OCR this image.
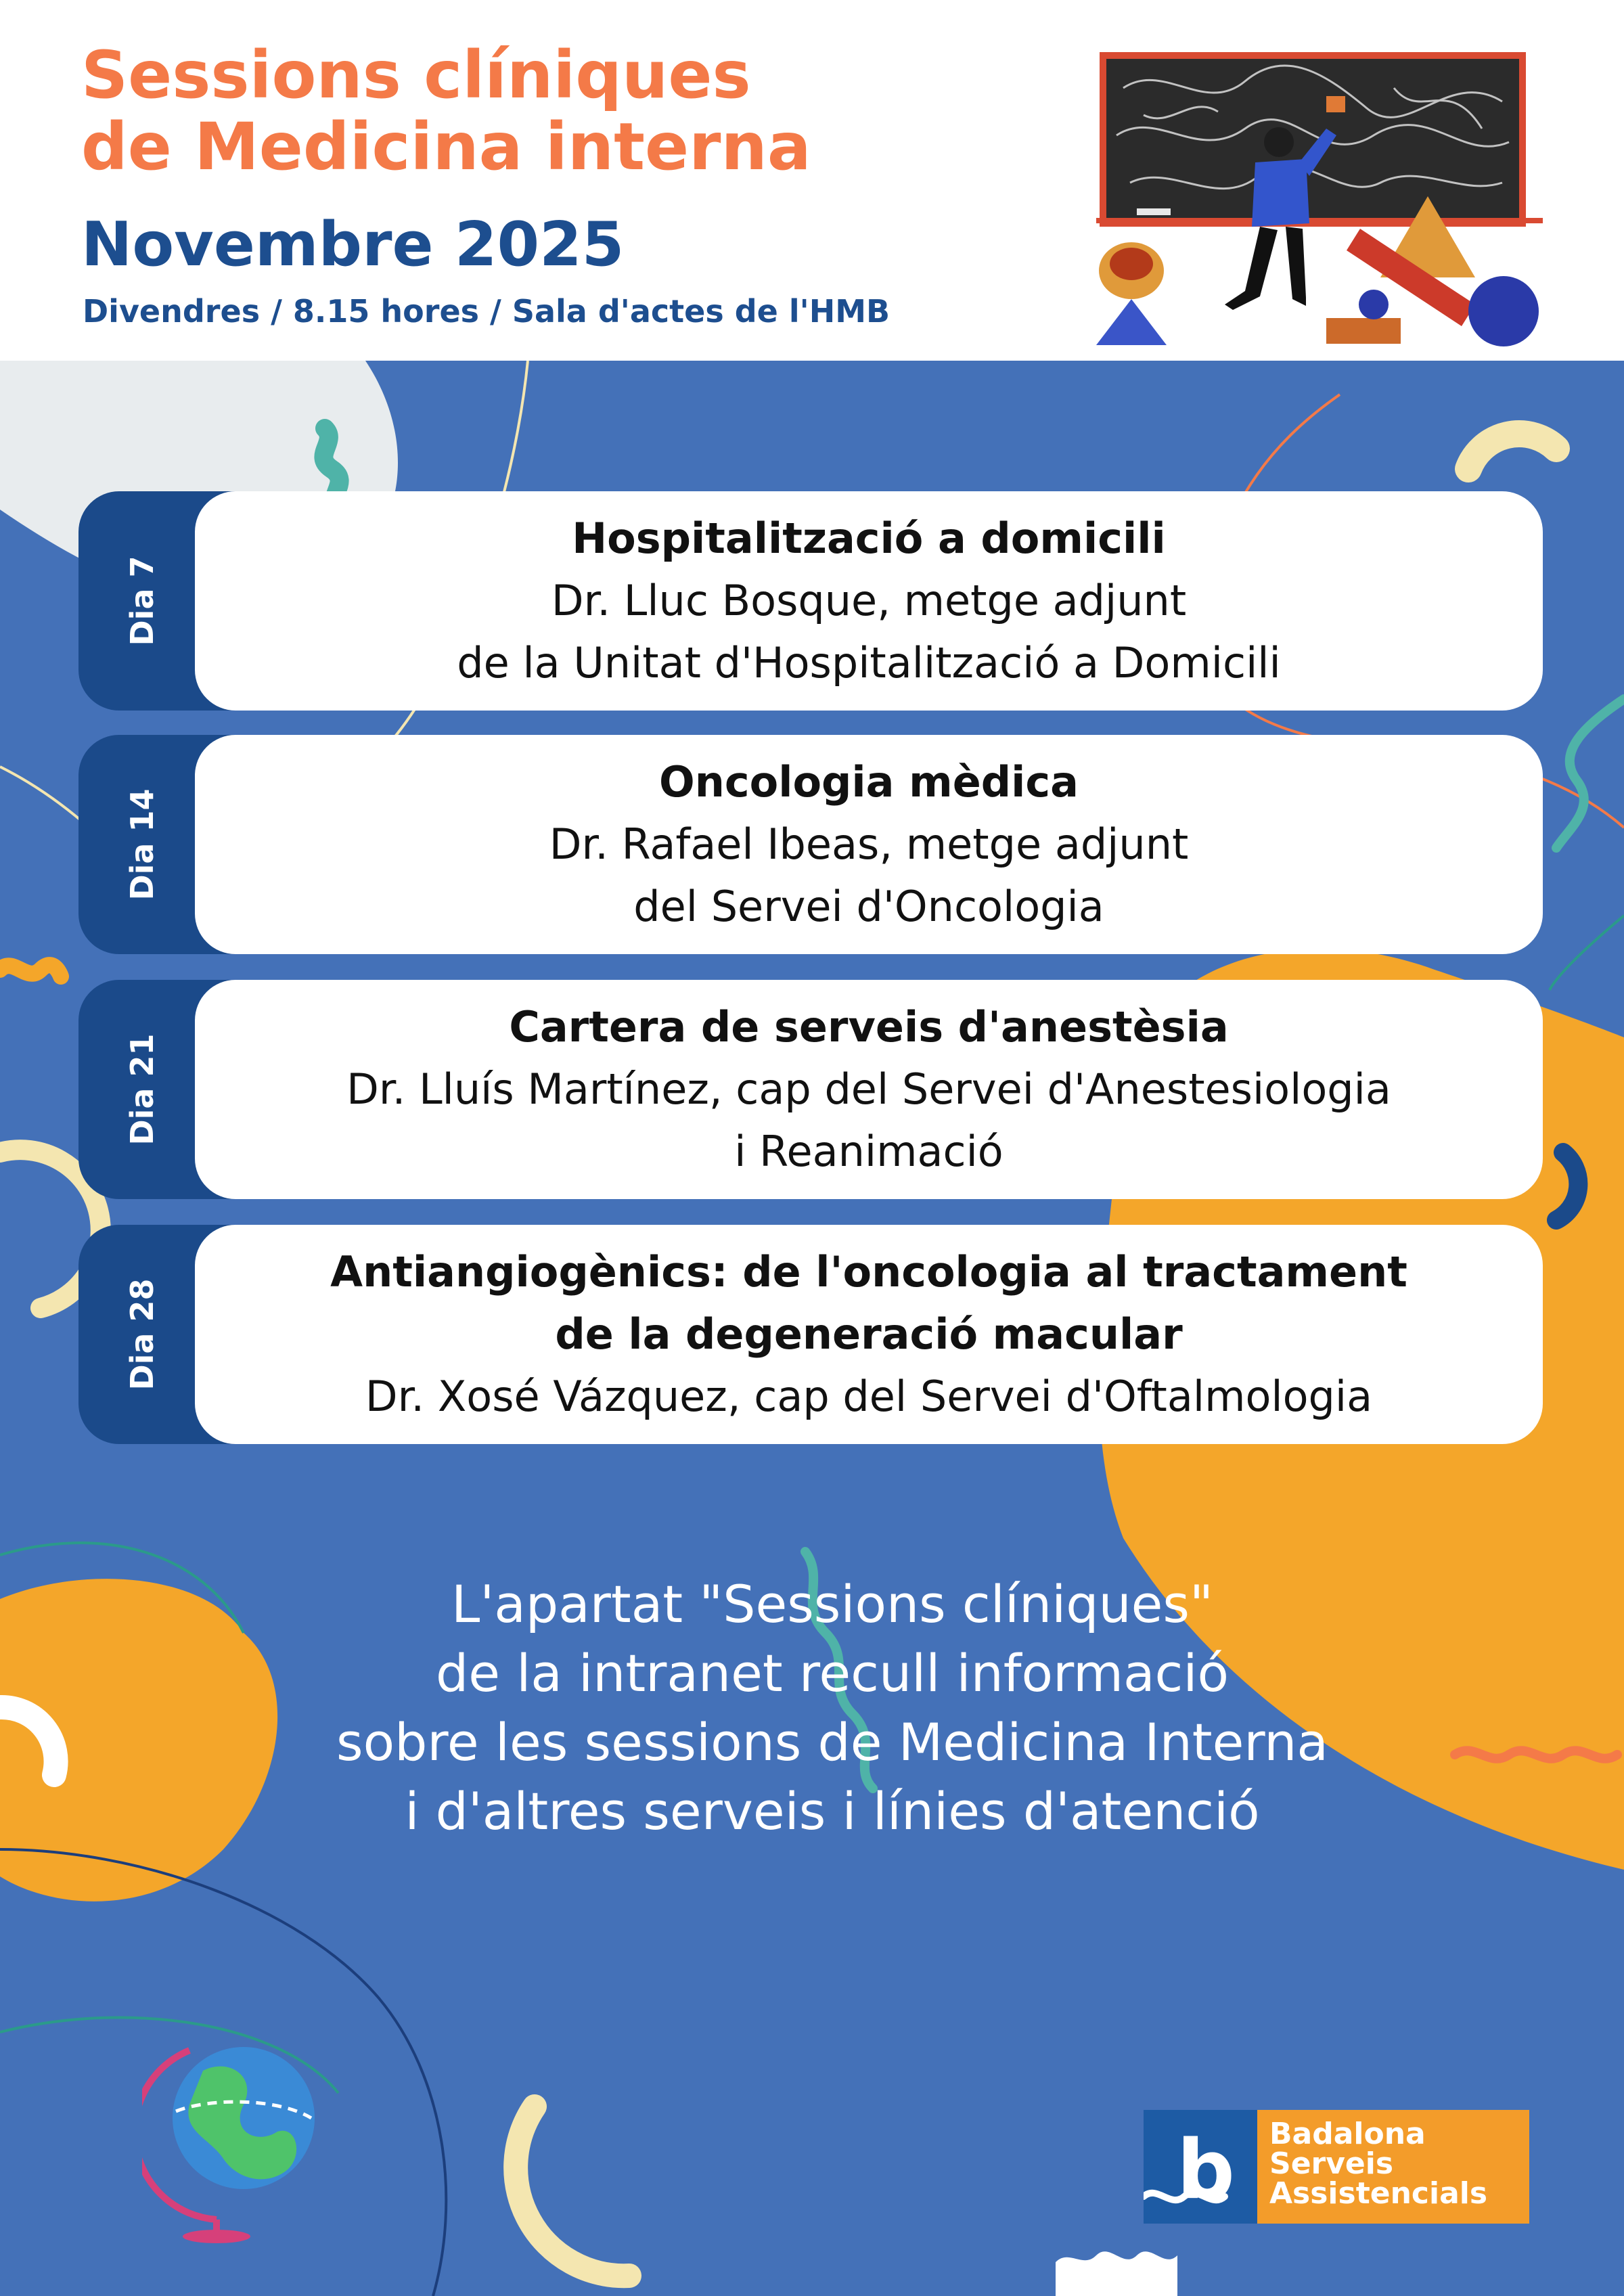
Sessions clíniques
de Medicina interna
Novembre 2025
Divendres / 8.15 hores / Sala d'actes de l'HMB
Dia 7
Hospitalització a domicili
Dr. Lluc Bosque, metge adjunt
de la Unitat d'Hospitalització a Domicili
Dia 14
Oncologia mèdica
Dr. Rafael Ibeas, metge adjunt
del Servei d'Oncologia
Dia 21
Cartera de serveis d'anestèsia
Dr. Lluís Martínez, cap del Servei d'Anestesiologia
i Reanimació
Dia 28
Antiangiogènics: de l'oncologia al tractament
de la degeneració macular
Dr. Xosé Vázquez, cap del Servei d'Oftalmologia
L'apartat "Sessions clíniques"
de la intranet recull informació
sobre les sessions de Medicina Interna
i d'altres serveis i línies d'atenció
b	Badalona
Serveis
Assistencials
